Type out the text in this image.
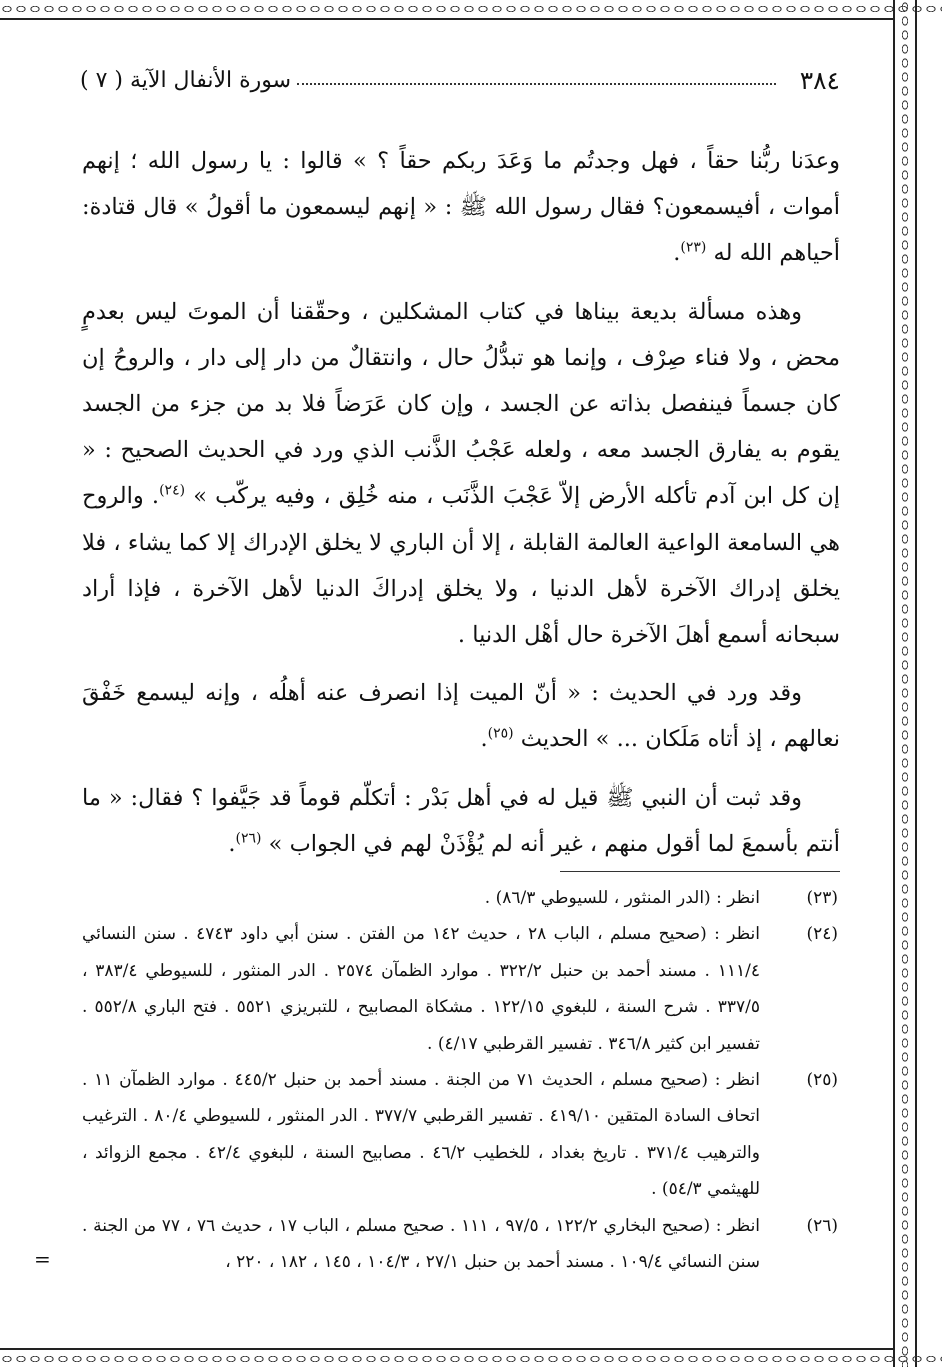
٣٨٤
سورة الأنفال الآية ( ٧ )

وعدَنا ربُّنا حقاً ، فهل وجدتُم ما وَعَدَ ربكم حقاً ؟ » قالوا : يا رسول الله ؛ إنهم أموات ، أفيسمعون؟ فقال رسول الله ﷺ : « إنهم ليسمعون ما أقولُ » قال قتادة: أحياهم الله له $^{(٢٣)}$.

وهذه مسألة بديعة بيناها في كتاب المشكلين ، وحقّقنا أن الموتَ ليس بعدمٍ محض ، ولا فناء صِرْف ، وإنما هو تبدُّلُ حال ، وانتقالٌ من دار إلى دار ، والروحُ إن كان جسماً فينفصل بذاته عن الجسد ، وإن كان عَرَضاً فلا بد من جزء من الجسد يقوم به يفارق الجسد معه ، ولعله عَجْبُ الذَّنب الذي ورد في الحديث الصحيح : « إن كل ابن آدم تأكله الأرض إلاّ عَجْبَ الذَّنَب ، منه خُلِق ، وفيه يركّب » $^{(٢٤)}$. والروح هي السامعة الواعية العالمة القابلة ، إلا أن الباري لا يخلق الإدراك إلا كما يشاء ، فلا يخلق إدراك الآخرة لأهل الدنيا ، ولا يخلق إدراكَ الدنيا لأهل الآخرة ، فإذا أراد سبحانه أسمع أهلَ الآخرة حال أهْل الدنيا .

وقد ورد في الحديث : « أنّ الميت إذا انصرف عنه أهلُه ، وإنه ليسمع خَفْقَ نعالهم ، إذ أتاه مَلَكان ... » الحديث $^{(٢٥)}$.

وقد ثبت أن النبي ﷺ قيل له في أهل بَدْر : أتكلّم قوماً قد جَيَّفوا ؟ فقال: « ما أنتم بأسمعَ لما أقول منهم ، غير أنه لم يُؤْذَنْ لهم في الجواب » $^{(٢٦)}$.

(٢٣)
انظر : (الدر المنثور ، للسيوطي ٨٦/٣) .
(٢٤)
انظر : (صحيح مسلم ، الباب ٢٨ ، حديث ١٤٢ من الفتن . سنن أبي داود ٤٧٤٣ . سنن النسائي ١١١/٤ . مسند أحمد بن حنبل ٣٢٢/٢ . موارد الظمآن ٢٥٧٤ . الدر المنثور ، للسيوطي ٣٨٣/٤ ، ٣٣٧/٥ . شرح السنة ، للبغوي ١٢٢/١٥ . مشكاة المصابيح ، للتبريزي ٥٥٢١ . فتح الباري ٥٥٢/٨ . تفسير ابن كثير ٣٤٦/٨ . تفسير القرطبي ٤/١٧) .
(٢٥)
انظر : (صحيح مسلم ، الحديث ٧١ من الجنة . مسند أحمد بن حنبل ٤٤٥/٢ . موارد الظمآن ١١ . اتحاف السادة المتقين ٤١٩/١٠ . تفسير القرطبي ٣٧٧/٧ . الدر المنثور ، للسيوطي ٨٠/٤ . الترغيب والترهيب ٣٧١/٤ . تاريخ بغداد ، للخطيب ٤٦/٢ . مصابيح السنة ، للبغوي ٤٢/٤ . مجمع الزوائد ، للهيثمي ٥٤/٣) .
(٢٦)
انظر : (صحيح البخاري ١٢٢/٢ ، ٩٧/٥ ، ١١١ . صحيح مسلم ، الباب ١٧ ، حديث ٧٦ ، ٧٧ من الجنة . سنن النسائي ١٠٩/٤ . مسند أحمد بن حنبل ٢٧/١ ، ١٠٤/٣ ، ١٤٥ ، ١٨٢ ، ٢٢٠ ،
=
